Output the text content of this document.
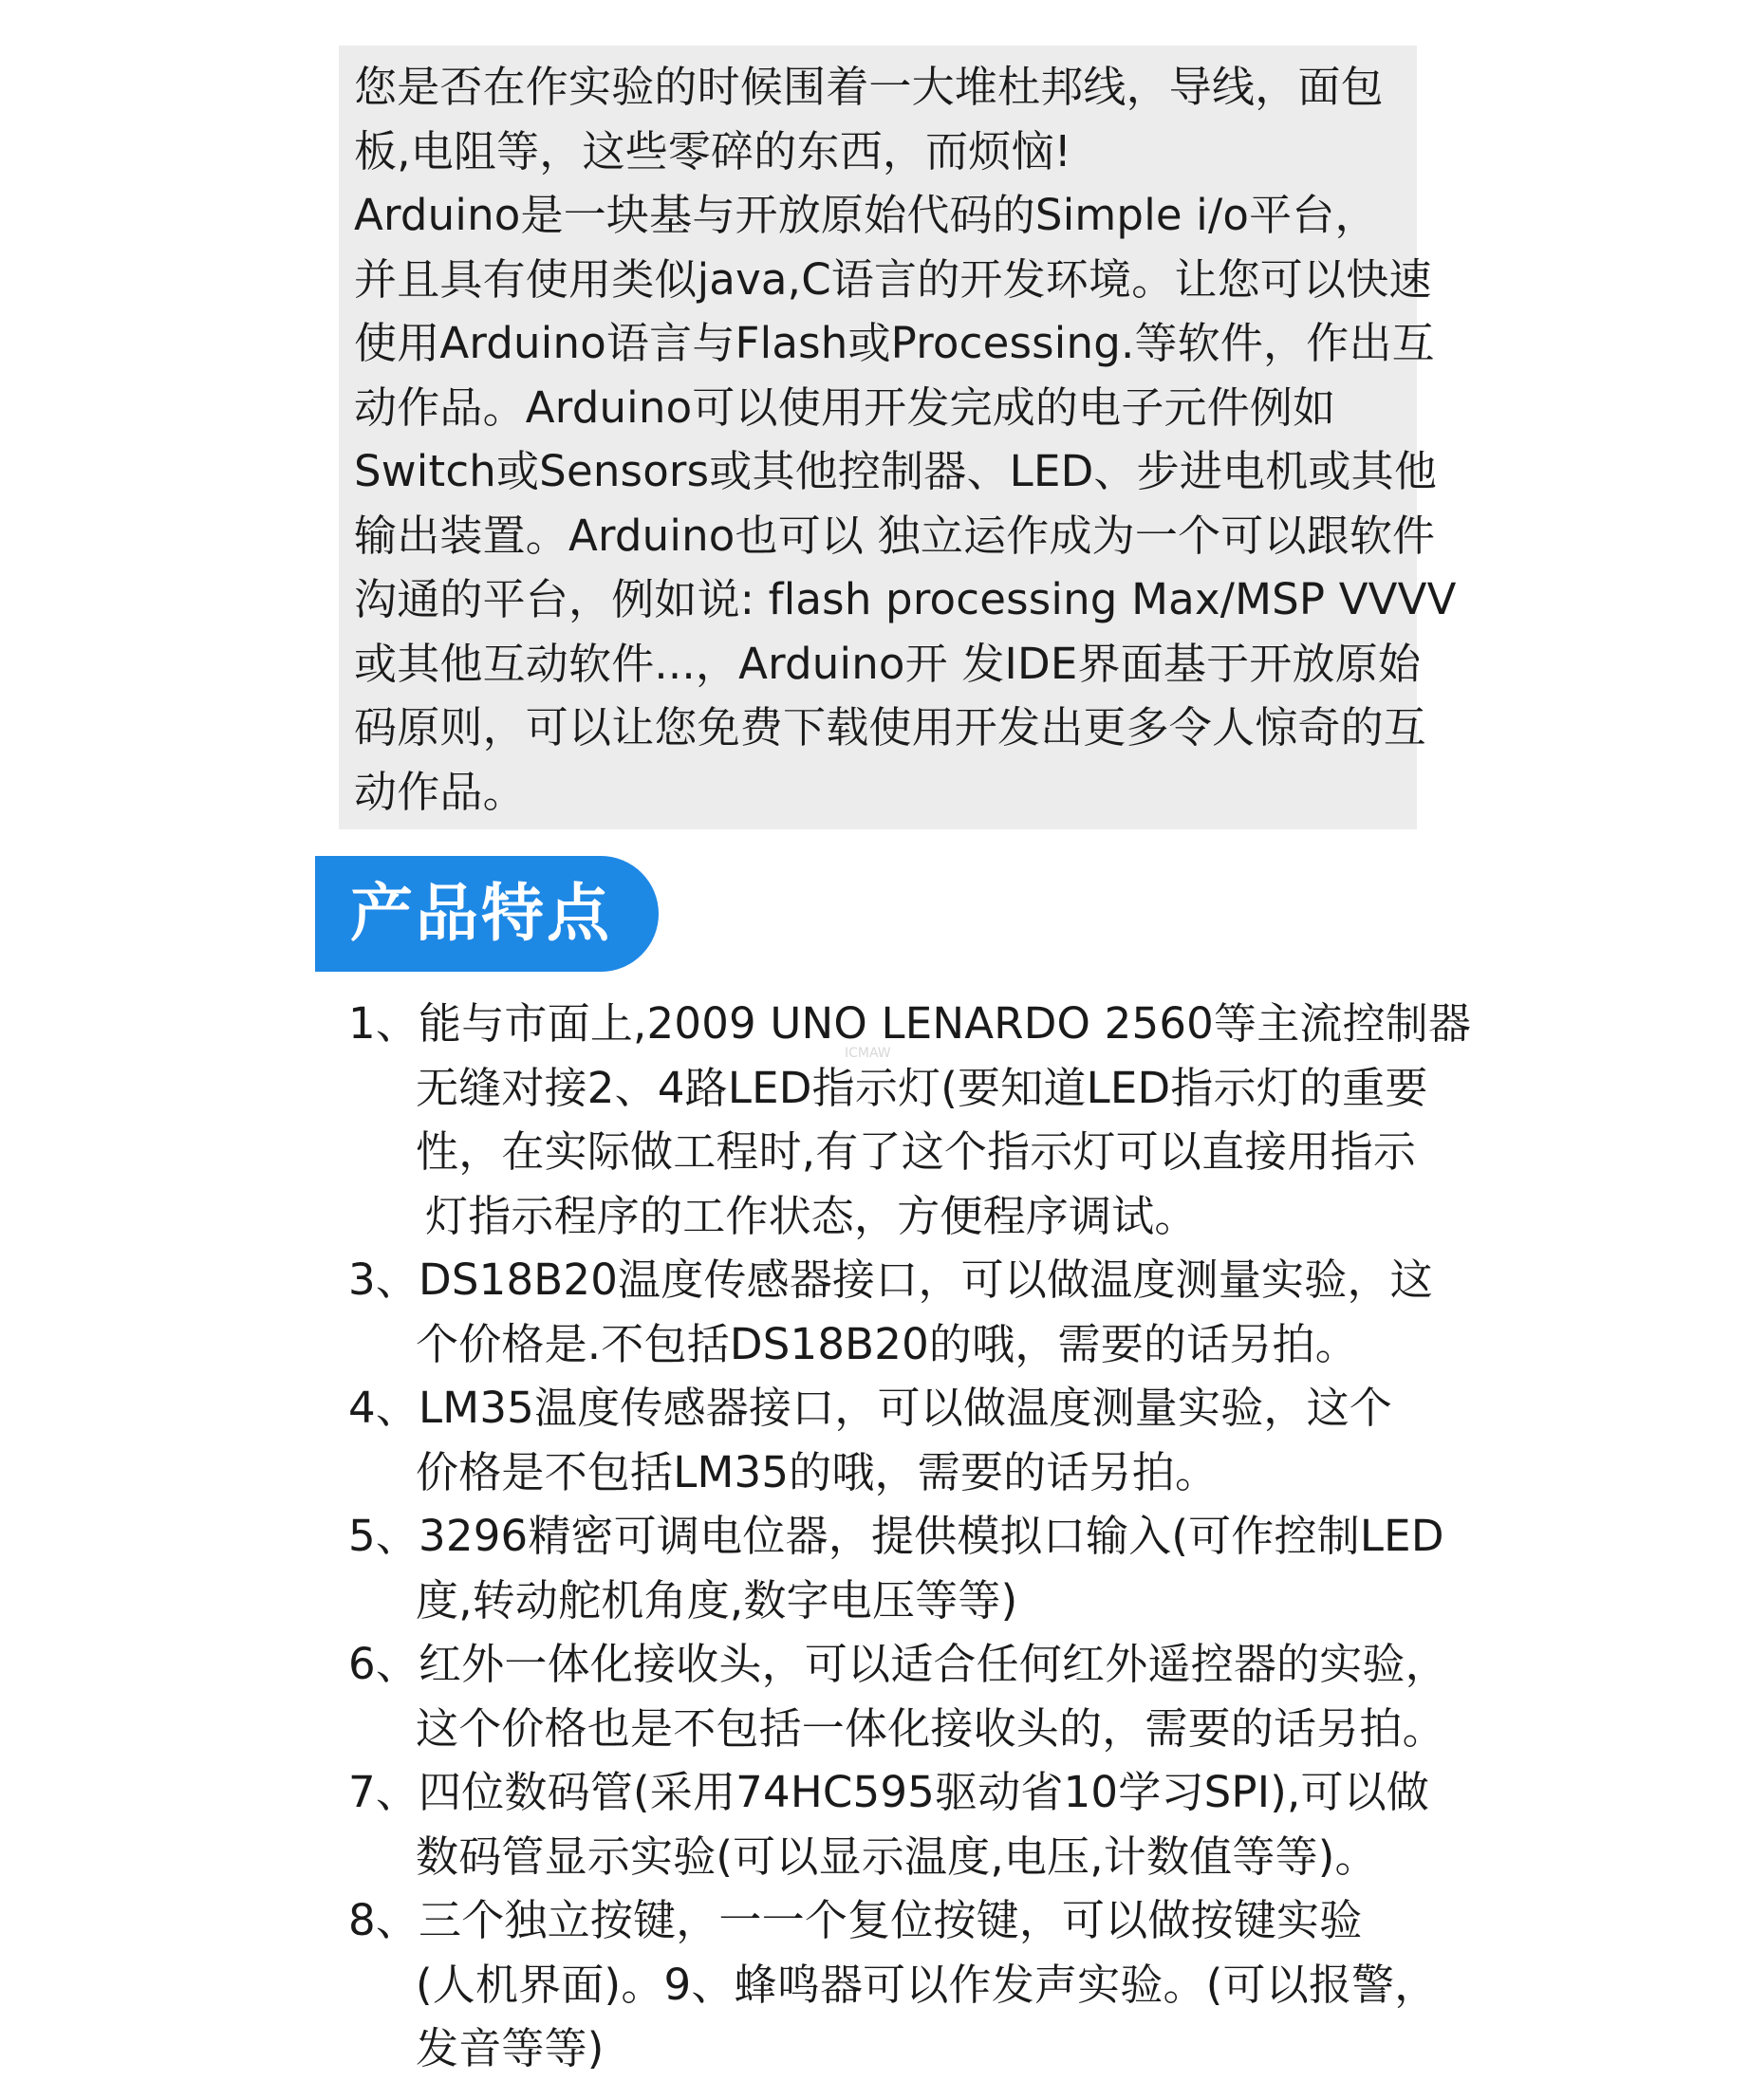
您是否在作实验的时候围着一大堆杜邦线，导线，面包
板,电阻等，这些零碎的东西，而烦恼!
Arduino是一块基与开放原始代码的Simple i/o平台，
并且具有使用类似java,C语言的开发环境。让您可以快速
使用Arduino语言与Flash或Processing.等软件，作出互
动作品。Arduino可以使用开发完成的电子元件例如
Switch或Sensors或其他控制器、LED、步进电机或其他
输出装置。Arduino也可以 独立运作成为一个可以跟软件
沟通的平台，例如说: flash processing Max/MSP VVVV
或其他互动软件...，Arduino开 发IDE界面基于开放原始
码原则，可以让您免费下载使用开发出更多令人惊奇的互
动作品。
产品特点
ICMAW
1、能与市面上,2009 UNO LENARDO 2560等主流控制器
无缝对接2、4路LED指示灯(要知道LED指示灯的重要
性，在实际做工程时,有了这个指示灯可以直接用指示
灯指示程序的工作状态，方便程序调试。
3、DS18B20温度传感器接口，可以做温度测量实验，这
个价格是.不包括DS18B20的哦，需要的话另拍。
4、LM35温度传感器接口，可以做温度测量实验，这个
价格是不包括LM35的哦，需要的话另拍。
5、3296精密可调电位器，提供模拟口输入(可作控制LED
度,转动舵机角度,数字电压等等)
6、红外一体化接收头，可以适合任何红外遥控器的实验，
这个价格也是不包括一体化接收头的，需要的话另拍。
7、四位数码管(采用74HC595驱动省10学习SPI),可以做
数码管显示实验(可以显示温度,电压,计数值等等)。
8、三个独立按键，一一个复位按键，可以做按键实验
(人机界面)。9、蜂鸣器可以作发声实验。(可以报警，
发音等等)
